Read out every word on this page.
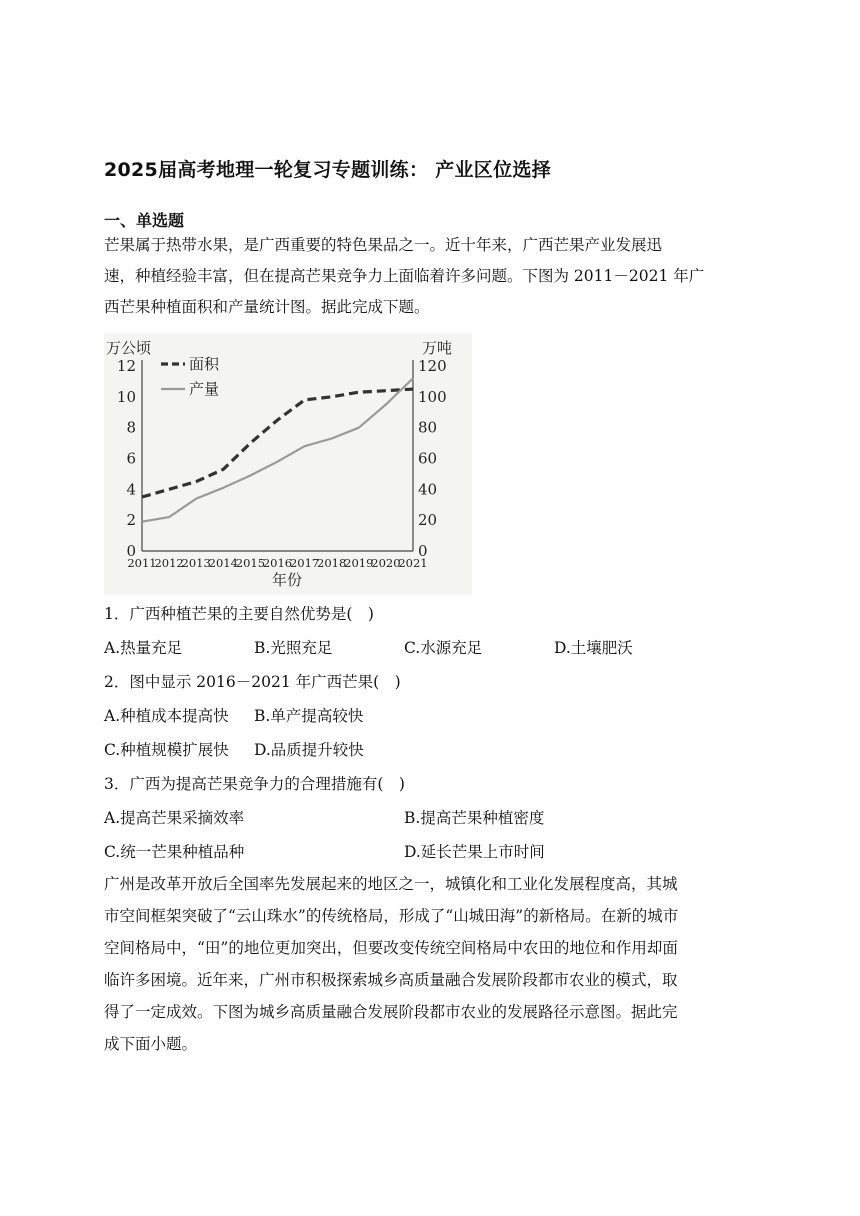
2025届高考地理一轮复习专题训练： 产业区位选择
一、单选题
芒果属于热带水果，是广西重要的特色果品之一。近十年来，广西芒果产业发展迅
速，种植经验丰富，但在提高芒果竞争力上面临着许多问题。下图为 2011－2021 年广
西芒果种植面积和产量统计图。据此完成下题。
万公顷	万吨
年份
0
2
4
6
8
10
12
0
20
40
60
80
100
120
2011
2012
2013
2014
2015
2016
2017
2018
2019
2020
2021
面积
产量
1．广西种植芒果的主要自然优势是(　)
A.热量充足	B.光照充足	C.水源充足	D.土壤肥沃
2．图中显示 2016－2021 年广西芒果(　)
A.种植成本提高快 B.单产提高较快
C.种植规模扩展快 D.品质提升较快
3．广西为提高芒果竞争力的合理措施有(　)
A.提高芒果采摘效率	B.提高芒果种植密度
C.统一芒果种植品种	D.延长芒果上市时间
广州是改革开放后全国率先发展起来的地区之一，城镇化和工业化发展程度高，其城
市空间框架突破了“云山珠水”的传统格局，形成了“山城田海”的新格局。在新的城市
空间格局中，“田”的地位更加突出，但要改变传统空间格局中农田的地位和作用却面
临许多困境。近年来，广州市积极探索城乡高质量融合发展阶段都市农业的模式，取
得了一定成效。下图为城乡高质量融合发展阶段都市农业的发展路径示意图。据此完
成下面小题。
